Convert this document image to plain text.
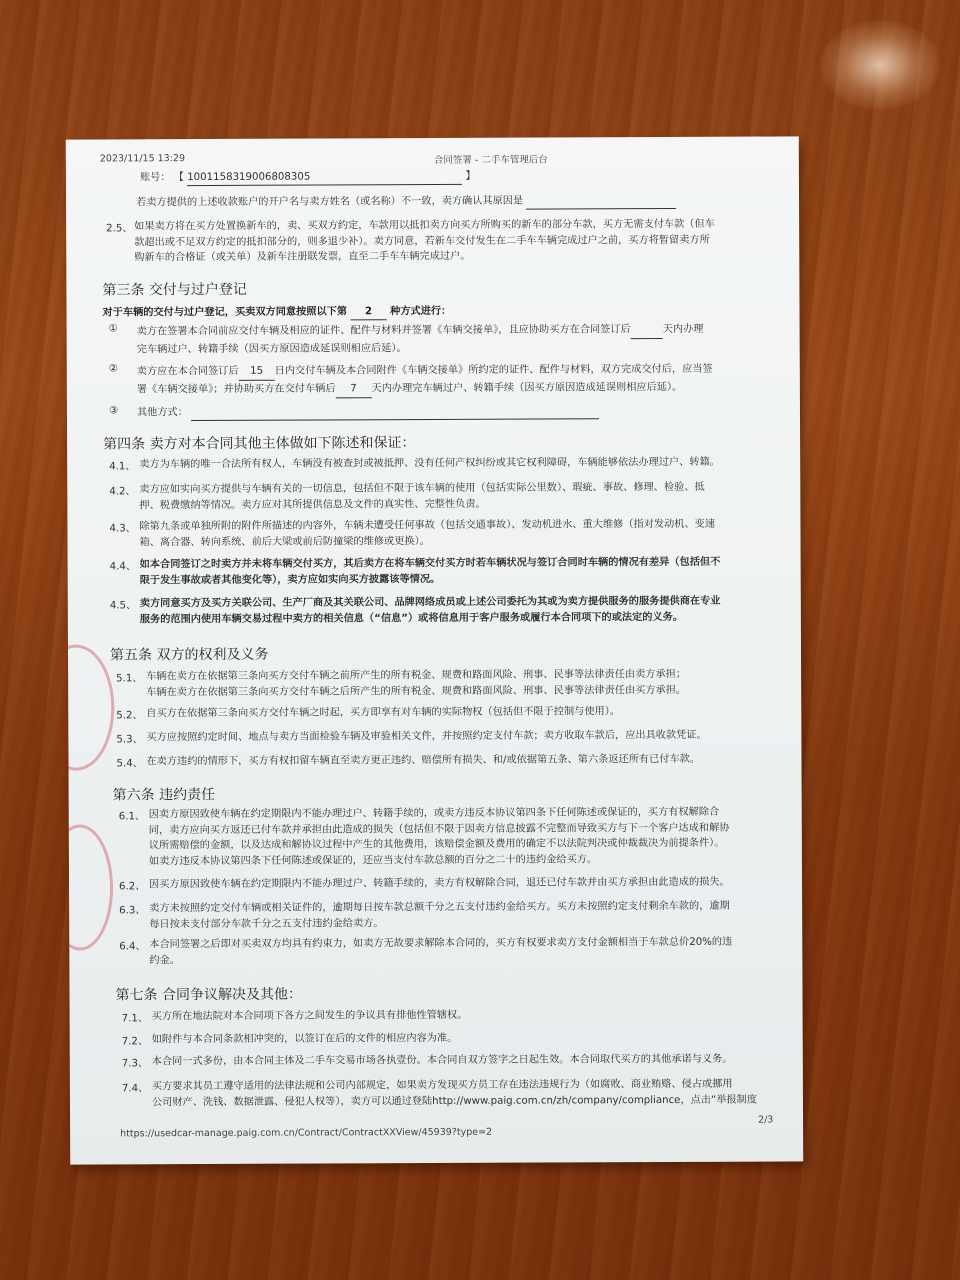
2023/11/15 13:29	合同签署 - 二手车管理后台
账号： 【 1001158319006808305	】
若卖方提供的上述收款账户的开户名与卖方姓名（或名称）不一致，卖方确认其原因是
2.5、 如果卖方将在买方处置换新车的，卖、买双方约定，车款用以抵扣卖方向买方所购买的新车的部分车款，买方无需支付车款（但车
款超出或不足双方约定的抵扣部分的，则多退少补）。卖方同意，若新车交付发生在二手车车辆完成过户之前，买方将暂留卖方所
购新车的合格证（或关单）及新车注册联发票，直至二手车车辆完成过户。
第三条 交付与过户登记
对于车辆的交付与过户登记，买卖双方同意按照以下第 2 种方式进行：
① 卖方在签署本合同前应交付车辆及相应的证件、配件与材料并签署《车辆交接单》，且应协助买方在合同签订后	天内办理
完车辆过户、转籍手续（因买方原因造成延误则相应后延）。
② 卖方应在本合同签订后 15 日内交付车辆及本合同附件《车辆交接单》所约定的证件、配件与材料，双方完成交付后，应当签
署《车辆交接单》；并协助买方在交付车辆后 7 天内办理完车辆过户、转籍手续（因买方原因造成延误则相应后延）。
③ 其他方式：
第四条 卖方对本合同其他主体做如下陈述和保证：
4.1、 卖方为车辆的唯一合法所有权人，车辆没有被查封或被抵押、没有任何产权纠纷或其它权利障碍，车辆能够依法办理过户、转籍。
4.2、 卖方应如实向买方提供与车辆有关的一切信息，包括但不限于该车辆的使用（包括实际公里数）、瑕疵、事故、修理、检验、抵
押、税费缴纳等情况。卖方应对其所提供信息及文件的真实性、完整性负责。
4.3、 除第九条或单独所附的附件所描述的内容外，车辆未遭受任何事故（包括交通事故）、发动机进水、重大维修（指对发动机、变速
箱、离合器、转向系统、前后大梁或前后防撞梁的维修或更换）。
4.4、 如本合同签订之时卖方并未将车辆交付买方，其后卖方在将车辆交付买方时若车辆状况与签订合同时车辆的情况有差异（包括但不
限于发生事故或者其他变化等），卖方应如实向买方披露该等情况。
4.5、 卖方同意买方及买方关联公司、生产厂商及其关联公司、品牌网络成员或上述公司委托为其或为卖方提供服务的服务提供商在专业
服务的范围内使用车辆交易过程中卖方的相关信息（“信息”）或将信息用于客户服务或履行本合同项下的或法定的义务。
第五条 双方的权利及义务
5.1、 车辆在卖方在依据第三条向买方交付车辆之前所产生的所有税金、规费和路面风险、刑事、民事等法律责任由卖方承担；
车辆在卖方在依据第三条向买方交付车辆之后所产生的所有税金、规费和路面风险、刑事、民事等法律责任由买方承担。
5.2、 自买方在依据第三条向买方交付车辆之时起，买方即享有对车辆的实际物权（包括但不限于控制与使用）。
5.3、 买方应按照约定时间、地点与卖方当面检验车辆及审验相关文件，并按照约定支付车款；卖方收取车款后，应出具收款凭证。
5.4、 在卖方违约的情形下，买方有权扣留车辆直至卖方更正违约、赔偿所有损失、和/或依据第五条、第六条返还所有已付车款。
第六条 违约责任
6.1、 因卖方原因致使车辆在约定期限内不能办理过户、转籍手续的，或卖方违反本协议第四条下任何陈述或保证的，买方有权解除合
同，卖方应向买方返还已付车款并承担由此造成的损失（包括但不限于因卖方信息披露不完整而导致买方与下一个客户达成和解协
议所需赔偿的金额，以及达成和解协议过程中产生的其他费用，该赔偿金额及费用的确定不以法院判决或仲裁裁决为前提条件）。
如卖方违反本协议第四条下任何陈述或保证的，还应当支付车款总额的百分之二十的违约金给买方。
6.2、 因买方原因致使车辆在约定期限内不能办理过户、转籍手续的，卖方有权解除合同，退还已付车款并由买方承担由此造成的损失。
6.3、 卖方未按照约定交付车辆或相关证件的，逾期每日按车款总额千分之五支付违约金给买方。买方未按照约定支付剩余车款的，逾期
每日按未支付部分车款千分之五支付违约金给卖方。
6.4、 本合同签署之后即对买卖双方均具有约束力，如卖方无故要求解除本合同的，买方有权要求卖方支付金额相当于车款总价20%的违
约金。
第七条 合同争议解决及其他：
7.1、 买方所在地法院对本合同项下各方之间发生的争议具有排他性管辖权。
7.2、 如附件与本合同条款相冲突的，以签订在后的文件的相应内容为准。
7.3、 本合同一式多份，由本合同主体及二手车交易市场各执壹份。本合同自双方签字之日起生效。本合同取代买方的其他承诺与义务。
7.4、 买方要求其员工遵守适用的法律法规和公司内部规定，如果卖方发现买方员工存在违法违规行为（如腐败、商业贿赂、侵占或挪用
公司财产、洗钱、数据泄露、侵犯人权等），卖方可以通过登陆http://www.paig.com.cn/zh/company/compliance，点击“举报制度
https://usedcar-manage.paig.com.cn/Contract/ContractXXView/45939?type=2
2/3
